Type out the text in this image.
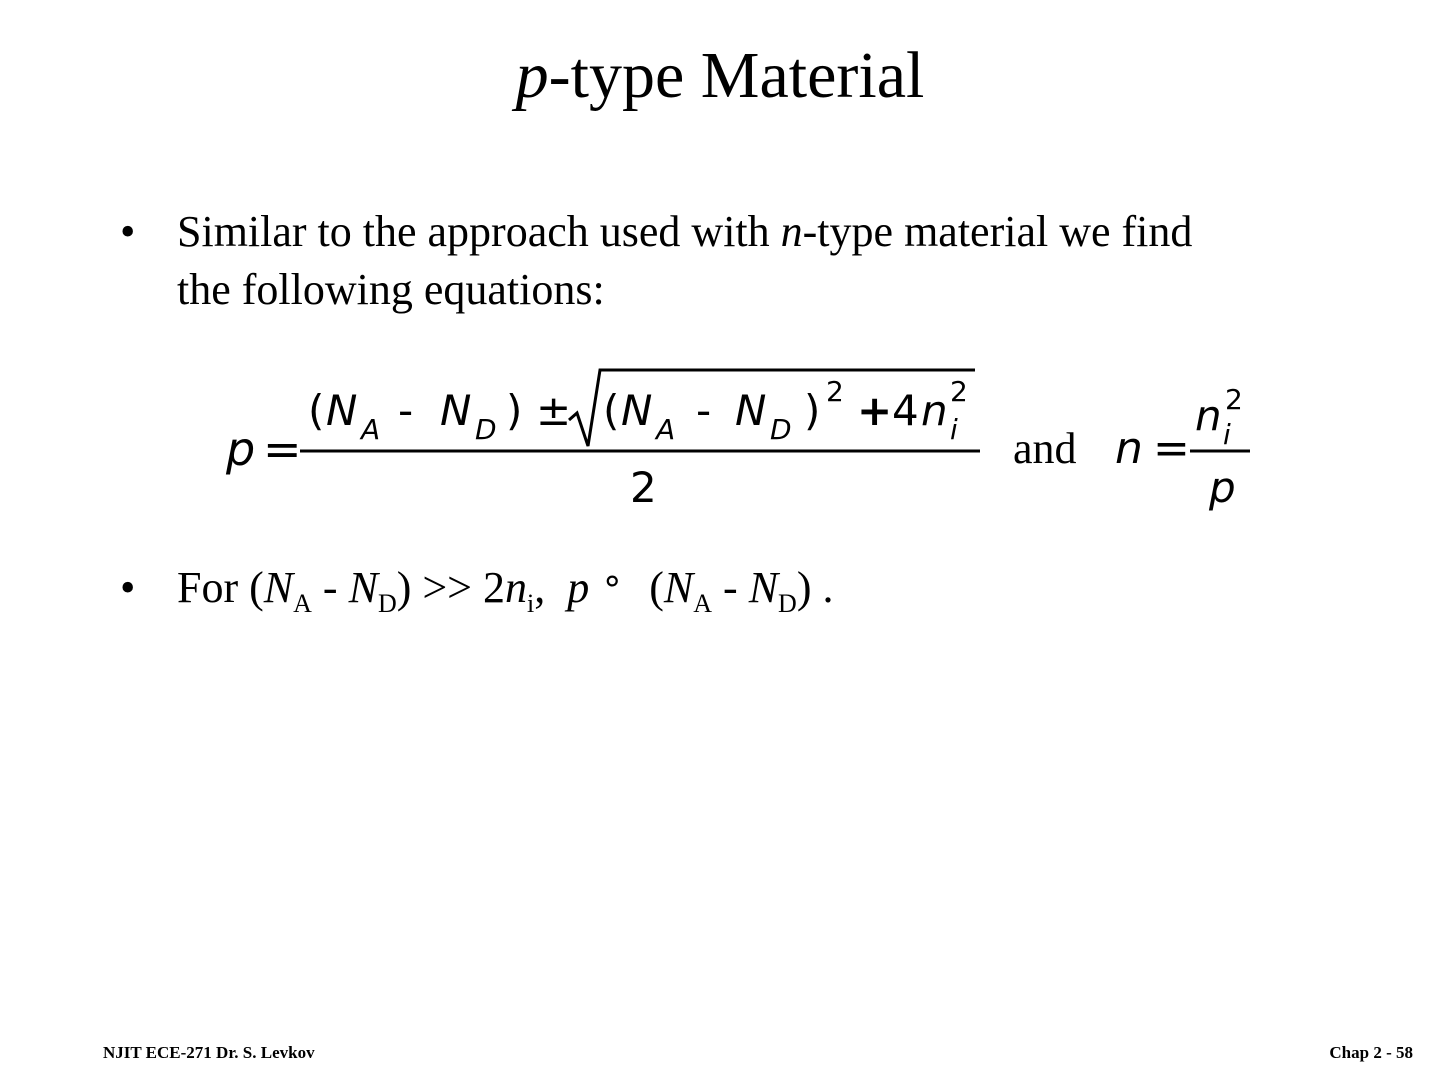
p-type Material
• Similar to the approach used with n-type material we find
the following equations:
p =
( N A - N D ) ± ( N A - N D ) 2 + 4 n i
2
2
and n =
n i
2
p
• For $(N_A - N_D) >> 2n_i$,  p ° $(N_A - N_D)$ .
NJIT ECE-271 Dr. S. Levkov	Chap 2 - 58
